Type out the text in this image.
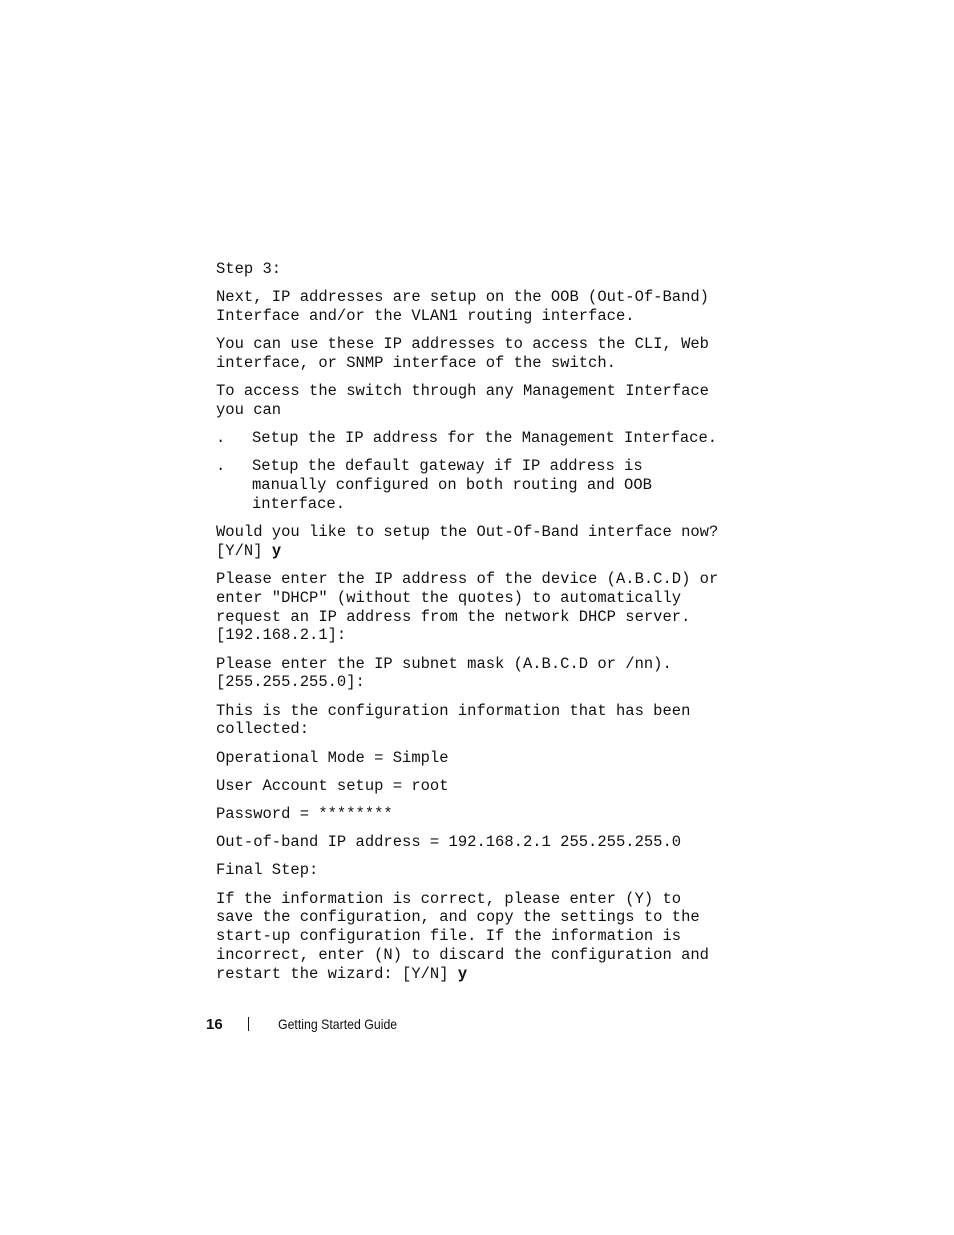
Step 3:

Next, IP addresses are setup on the OOB (Out-Of-Band)
Interface and/or the VLAN1 routing interface.

You can use these IP addresses to access the CLI, Web
interface, or SNMP interface of the switch.

To access the switch through any Management Interface
you can

.	Setup the IP address for the Management Interface.
.	Setup the default gateway if IP address is
manually configured on both routing and OOB
interface.

Would you like to setup the Out-Of-Band interface now?
[Y/N] y

Please enter the IP address of the device (A.B.C.D) or
enter "DHCP" (without the quotes) to automatically
request an IP address from the network DHCP server.
[192.168.2.1]:

Please enter the IP subnet mask (A.B.C.D or /nn).
[255.255.255.0]:

This is the configuration information that has been
collected:

Operational Mode = Simple

User Account setup = root

Password = ********

Out-of-band IP address = 192.168.2.1 255.255.255.0

Final Step:

If the information is correct, please enter (Y) to
save the configuration, and copy the settings to the
start-up configuration file. If the information is
incorrect, enter (N) to discard the configuration and
restart the wizard: [Y/N] y

16	Getting Started Guide
